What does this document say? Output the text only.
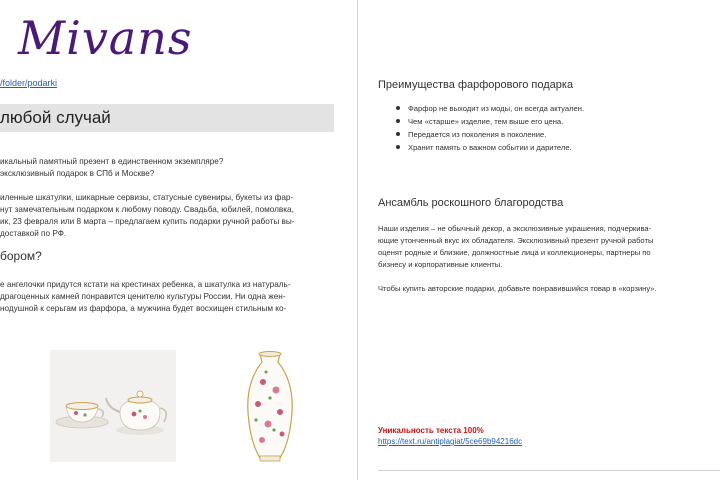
Mivans
/folder/podarki
любой случай

икальный памятный презент в единственном экземпляре?

эксклюзивный подарок в СПб и Москве?

иленные шкатулки, шикарные сервизы, статусные сувениры, букеты из фар-

нут замечательным подарком к любому поводу. Свадьба, юбилей, помолвка,

ик, 23 февраля или 8 марта – предлагаем купить подарки ручной работы вы-

доставкой по РФ.

бором?

е ангелочки придутся кстати на крестинах ребенка, а шкатулка из натураль-

драгоценных камней понравится ценителю культуры России. Ни одна жен-

нодушной к серьгам из фарфора, а мужчина будет восхищен стильным ко-

Преимущества фарфорового подарка
Фарфор не выходит из моды, он всегда актуален.
Чем «старше» изделие, тем выше его цена.
Передается из поколения в поколение.
Хранит память о важном событии и дарителе.
Ансамбль роскошного благородства

Наши изделия – не обычный декор, а эксклюзивные украшения, подчеркива-

ющие утонченный вкус их обладателя. Эксклюзивный презент ручной работы

оценят родные и близкие, должностные лица и коллекционеры, партнеры по

бизнесу и корпоративные клиенты.

Чтобы купить авторские подарки, добавьте понравившийся товар в «корзину».

Уникальность текста 100%
https://text.ru/antiplagiat/5ce69b94216dc
